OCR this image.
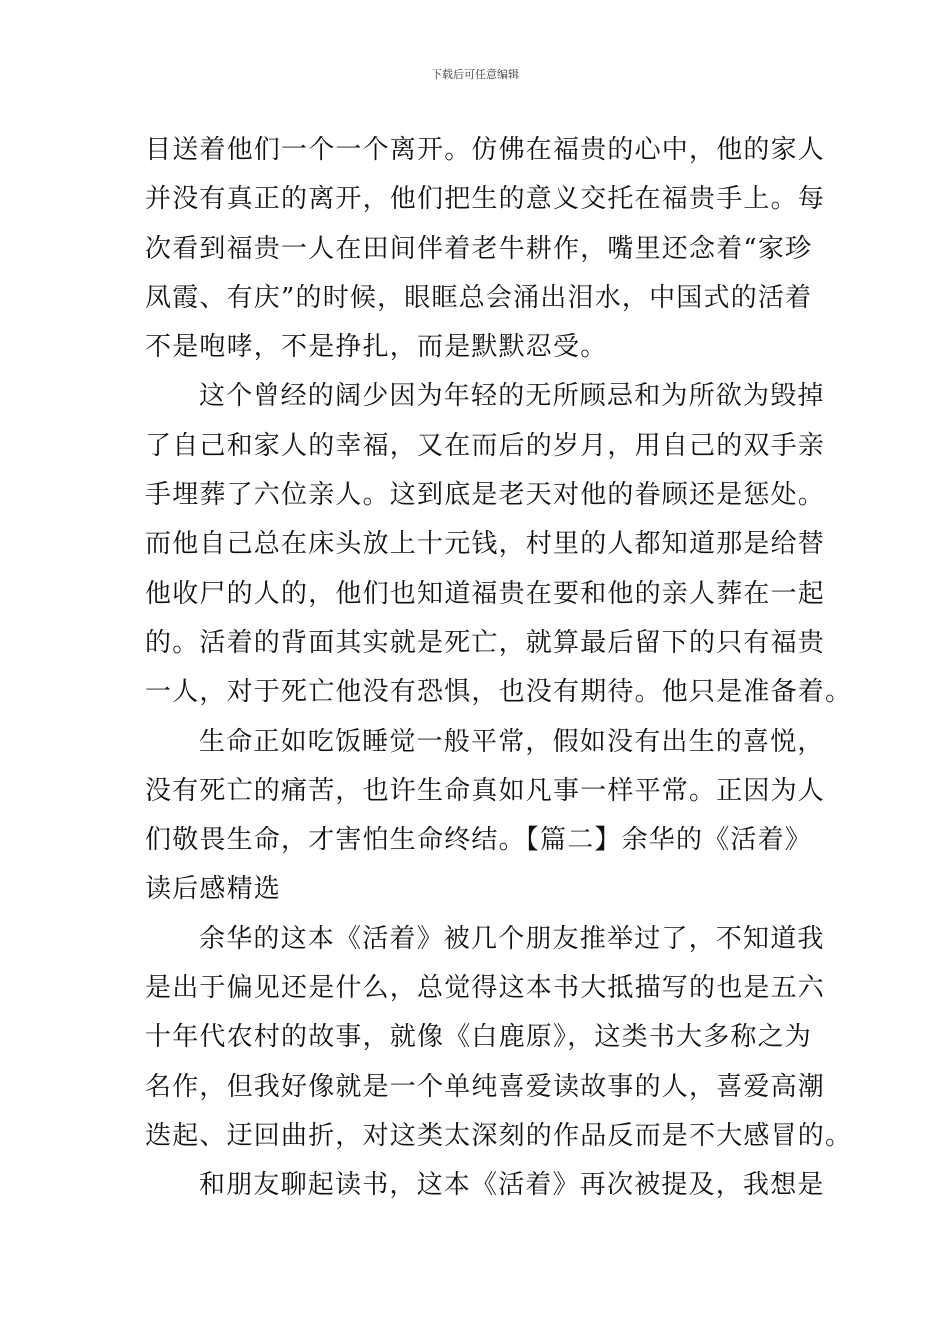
下载后可任意编辑
目送着他们一个一个离开。仿佛在福贵的心中，他的家人
并没有真正的离开，他们把生的意义交托在福贵手上。每
次看到福贵一人在田间伴着老牛耕作，嘴里还念着“家珍
凤霞、有庆”的时候，眼眶总会涌出泪水，中国式的活着
不是咆哮，不是挣扎，而是默默忍受。
这个曾经的阔少因为年轻的无所顾忌和为所欲为毁掉
了自己和家人的幸福，又在而后的岁月，用自己的双手亲
手埋葬了六位亲人。这到底是老天对他的眷顾还是惩处。
而他自己总在床头放上十元钱，村里的人都知道那是给替
他收尸的人的，他们也知道福贵在要和他的亲人葬在一起
的。活着的背面其实就是死亡，就算最后留下的只有福贵
一人，对于死亡他没有恐惧，也没有期待。他只是准备着。
生命正如吃饭睡觉一般平常，假如没有出生的喜悦，
没有死亡的痛苦，也许生命真如凡事一样平常。正因为人
们敬畏生命，才害怕生命终结。【篇二】余华的《活着》
读后感精选
余华的这本《活着》被几个朋友推举过了，不知道我
是出于偏见还是什么，总觉得这本书大抵描写的也是五六
十年代农村的故事，就像《白鹿原》，这类书大多称之为
名作，但我好像就是一个单纯喜爱读故事的人，喜爱高潮
迭起、迂回曲折，对这类太深刻的作品反而是不大感冒的。
和朋友聊起读书，这本《活着》再次被提及，我想是
